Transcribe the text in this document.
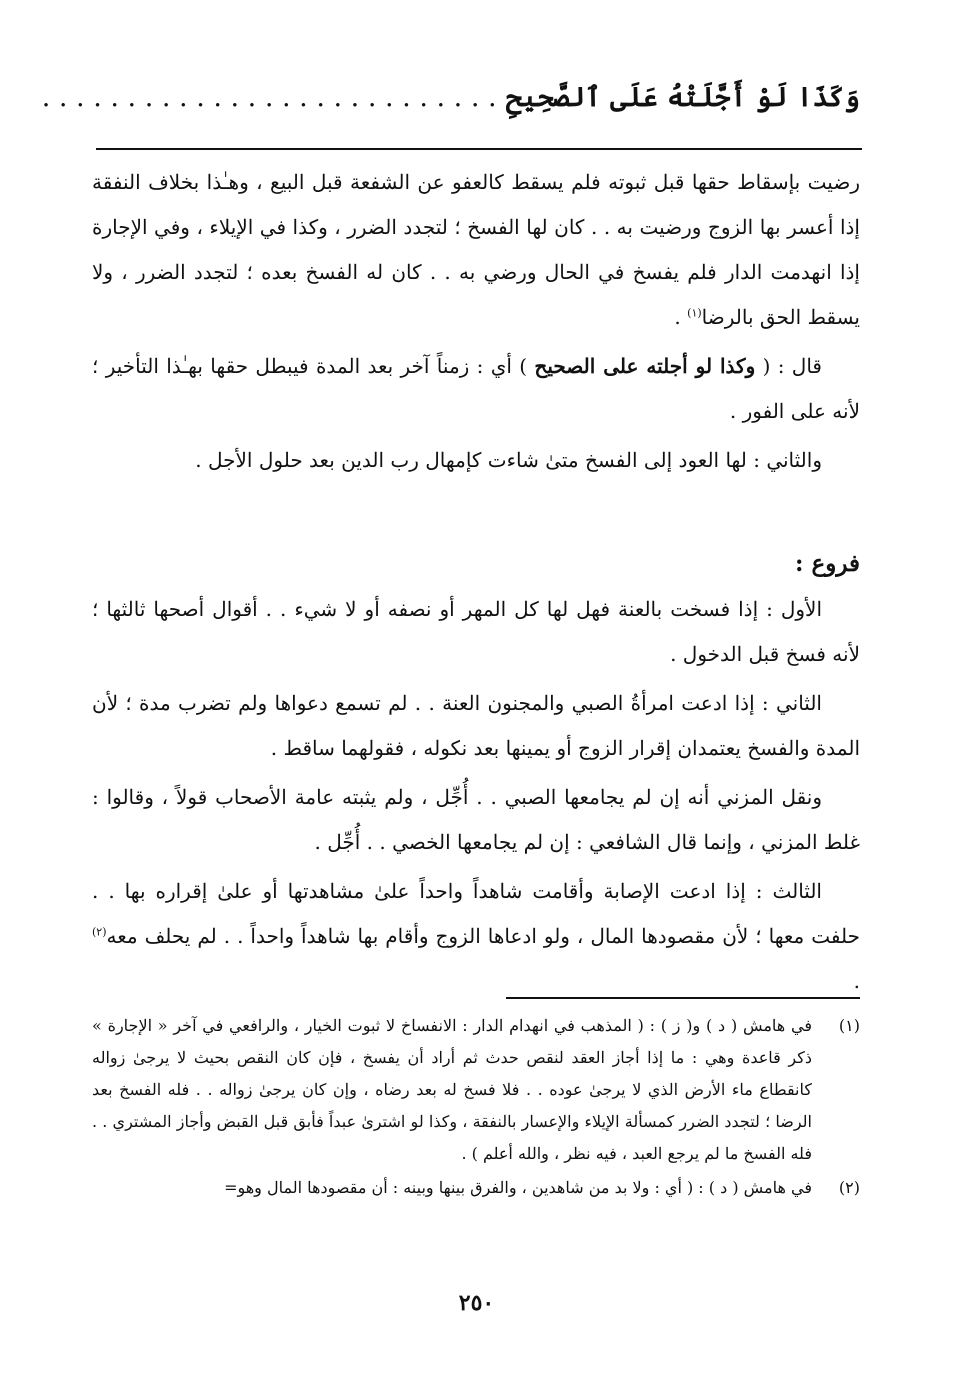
وَكَذَا لَوْ أَجَّلَتْهُ عَلَى ٱلصَّحِيحِ . . . . . . . . . . . . . . . . . . . . . . . . . . .

رضيت بإسقاط حقها قبل ثبوته فلم يسقط كالعفو عن الشفعة قبل البيع ، وهـٰذا بخلاف النفقة إذا أعسر بها الزوج ورضيت به . . كان لها الفسخ ؛ لتجدد الضرر ، وكذا في الإيلاء ، وفي الإجارة إذا انهدمت الدار فلم يفسخ في الحال ورضي به . . كان له الفسخ بعده ؛ لتجدد الضرر ، ولا يسقط الحق بالرضا$^{(١)}$ .

قال : ( وكذا لو أجلته على الصحيح ) أي : زمناً آخر بعد المدة فيبطل حقها بهـٰذا التأخير ؛ لأنه على الفور .

والثاني : لها العود إلى الفسخ متىٰ شاءت كإمهال رب الدين بعد حلول الأجل .

فروع :

الأول : إذا فسخت بالعنة فهل لها كل المهر أو نصفه أو لا شيء . . أقوال أصحها ثالثها ؛ لأنه فسخ قبل الدخول .

الثاني : إذا ادعت امرأةُ الصبي والمجنون العنة . . لم تسمع دعواها ولم تضرب مدة ؛ لأن المدة والفسخ يعتمدان إقرار الزوج أو يمينها بعد نكوله ، فقولهما ساقط .

ونقل المزني أنه إن لم يجامعها الصبي . . أُجِّل ، ولم يثبته عامة الأصحاب قولاً ، وقالوا : غلط المزني ، وإنما قال الشافعي : إن لم يجامعها الخصي . . أُجِّل .

الثالث : إذا ادعت الإصابة وأقامت شاهداً واحداً علىٰ مشاهدتها أو علىٰ إقراره بها . . حلفت معها ؛ لأن مقصودها المال ، ولو ادعاها الزوج وأقام بها شاهداً واحداً . . لم يحلف معه$^{(٢)}$ .

(١)
في هامش ( د ) و( ز ) : ( المذهب في انهدام الدار : الانفساخ لا ثبوت الخيار ، والرافعي في آخر « الإجارة » ذكر قاعدة وهي : ما إذا أجاز العقد لنقص حدث ثم أراد أن يفسخ ، فإن كان النقص بحيث لا يرجىٰ زواله كانقطاع ماء الأرض الذي لا يرجىٰ عوده . . فلا فسخ له بعد رضاه ، وإن كان يرجىٰ زواله . . فله الفسخ بعد الرضا ؛ لتجدد الضرر كمسألة الإيلاء والإعسار بالنفقة ، وكذا لو اشترىٰ عبداً فأبق قبل القبض وأجاز المشتري . . فله الفسخ ما لم يرجع العبد ، فيه نظر ، والله أعلم ) .

(٢)
في هامش ( د ) : ( أي : ولا بد من شاهدين ، والفرق بينها وبينه : أن مقصودها المال وهو=

٢٥٠
